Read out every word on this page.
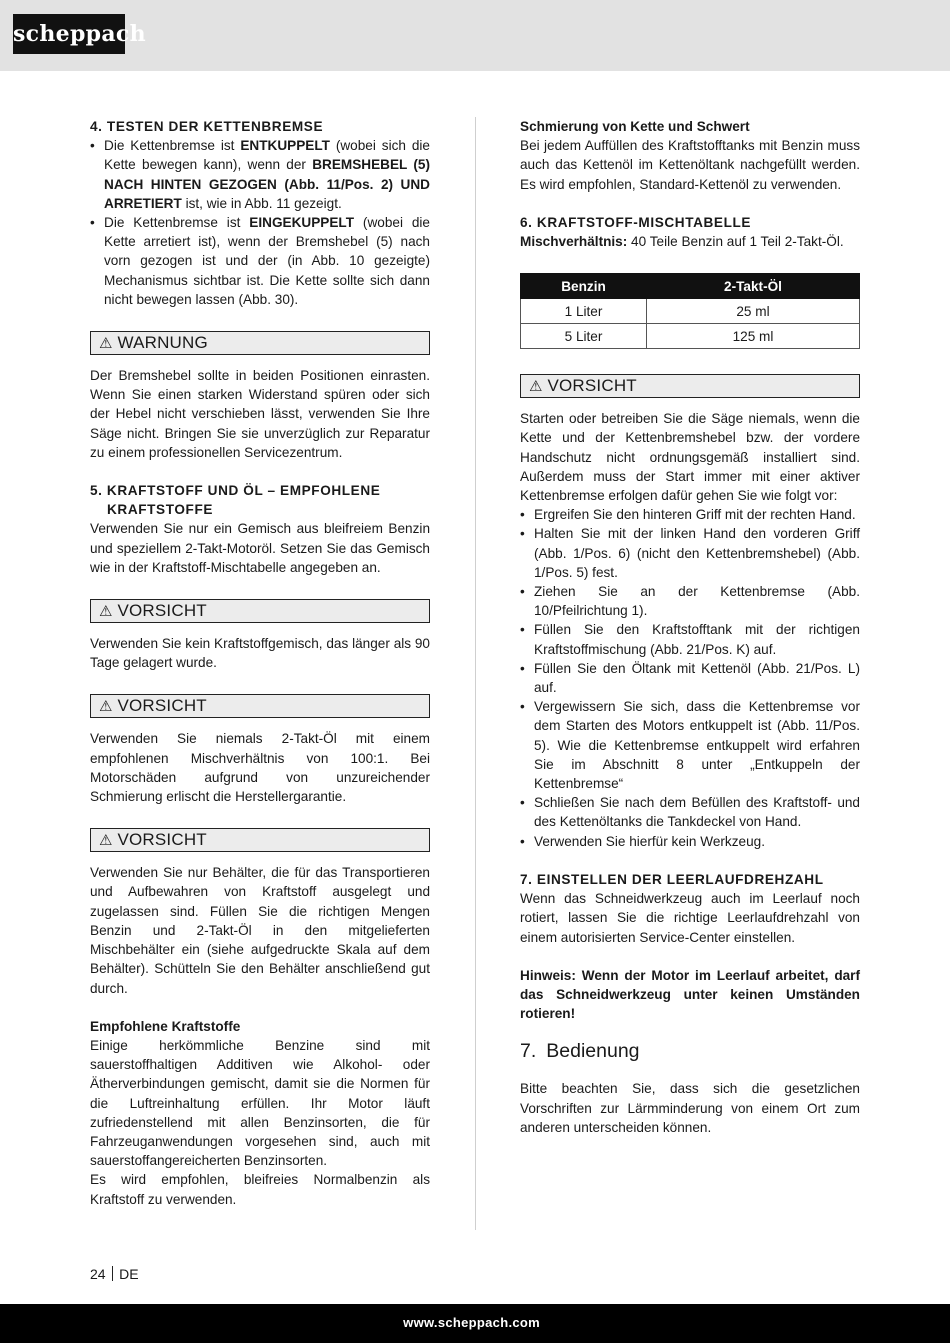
scheppach
4. TESTEN DER KETTENBREMSE
• Die Kettenbremse ist ENTKUPPELT (wobei sich die Kette bewegen kann), wenn der BREMSHEBEL (5) NACH HINTEN GEZOGEN (Abb. 11/Pos. 2) UND ARRETIERT ist, wie in Abb. 11 gezeigt.
• Die Kettenbremse ist EINGEKUPPELT (wobei die Kette arretiert ist), wenn der Bremshebel (5) nach vorn gezogen ist und der (in Abb. 10 gezeigte) Mechanismus sichtbar ist. Die Kette sollte sich dann nicht bewegen lassen (Abb. 30).
⚠ WARNUNG

Der Bremshebel sollte in beiden Positionen einrasten. Wenn Sie einen starken Widerstand spüren oder sich der Hebel nicht verschieben lässt, verwenden Sie Ihre Säge nicht. Bringen Sie sie unverzüglich zur Reparatur zu einem professionellen Servicezentrum.

5. KRAFTSTOFF UND ÖL – EMPFOHLENE
KRAFTSTOFFE

Verwenden Sie nur ein Gemisch aus bleifreiem Benzin und speziellem 2-Takt-Motoröl. Setzen Sie das Gemisch wie in der Kraftstoff-Mischtabelle angegeben an.

⚠ VORSICHT

Verwenden Sie kein Kraftstoffgemisch, das länger als 90 Tage gelagert wurde.

⚠ VORSICHT

Verwenden Sie niemals 2-Takt-Öl mit einem empfohlenen Mischverhältnis von 100:1. Bei Motorschäden aufgrund von unzureichender Schmierung erlischt die Herstellergarantie.

⚠ VORSICHT

Verwenden Sie nur Behälter, die für das Transportieren und Aufbewahren von Kraftstoff ausgelegt und zugelassen sind. Füllen Sie die richtigen Mengen Benzin und 2-Takt-Öl in den mitgelieferten Mischbehälter ein (siehe aufgedruckte Skala auf dem Behälter). Schütteln Sie den Behälter anschließend gut durch.

Empfohlene Kraftstoffe

Einige herkömmliche Benzine sind mit sauerstoffhaltigen Additiven wie Alkohol- oder Ätherverbindungen gemischt, damit sie die Normen für die Luftreinhaltung erfüllen. Ihr Motor läuft zufriedenstellend mit allen Benzinsorten, die für Fahrzeuganwendungen vorgesehen sind, auch mit sauerstoffangereicherten Benzinsorten.

Es wird empfohlen, bleifreies Normalbenzin als Kraftstoff zu verwenden.

Schmierung von Kette und Schwert

Bei jedem Auffüllen des Kraftstofftanks mit Benzin muss auch das Kettenöl im Kettenöltank nachgefüllt werden. Es wird empfohlen, Standard-Kettenöl zu verwenden.

6. KRAFTSTOFF-MISCHTABELLE

Mischverhältnis: 40 Teile Benzin auf 1 Teil 2-Takt-Öl.

Benzin	2-Takt-Öl
1 Liter	25 ml
5 Liter	125 ml
⚠ VORSICHT

Starten oder betreiben Sie die Säge niemals, wenn die Kette und der Kettenbremshebel bzw. der vordere Handschutz nicht ordnungsgemäß installiert sind. Außerdem muss der Start immer mit einer aktiver Kettenbremse erfolgen dafür gehen Sie wie folgt vor:

• Ergreifen Sie den hinteren Griff mit der rechten Hand.
• Halten Sie mit der linken Hand den vorderen Griff (Abb. 1/Pos. 6) (nicht den Kettenbremshebel) (Abb. 1/Pos. 5) fest.
• Ziehen Sie an der Kettenbremse (Abb. 10/Pfeilrichtung 1).
• Füllen Sie den Kraftstofftank mit der richtigen Kraftstoffmischung (Abb. 21/Pos. K) auf.
• Füllen Sie den Öltank mit Kettenöl (Abb. 21/Pos. L) auf.
• Vergewissern Sie sich, dass die Kettenbremse vor dem Starten des Motors entkuppelt ist (Abb. 11/Pos. 5). Wie die Kettenbremse entkuppelt wird erfahren Sie im Abschnitt 8 unter „Entkuppeln der Kettenbremse“
• Schließen Sie nach dem Befüllen des Kraftstoff- und des Kettenöltanks die Tankdeckel von Hand.
• Verwenden Sie hierfür kein Werkzeug.
7. EINSTELLEN DER LEERLAUFDREHZAHL

Wenn das Schneidwerkzeug auch im Leerlauf noch rotiert, lassen Sie die richtige Leerlaufdrehzahl von einem autorisierten Service-Center einstellen.

Hinweis: Wenn der Motor im Leerlauf arbeitet, darf das Schneidwerkzeug unter keinen Umständen rotieren!

7. Bedienung

Bitte beachten Sie, dass sich die gesetzlichen Vorschriften zur Lärmminderung von einem Ort zum anderen unterscheiden können.

24 DE
www.scheppach.com
